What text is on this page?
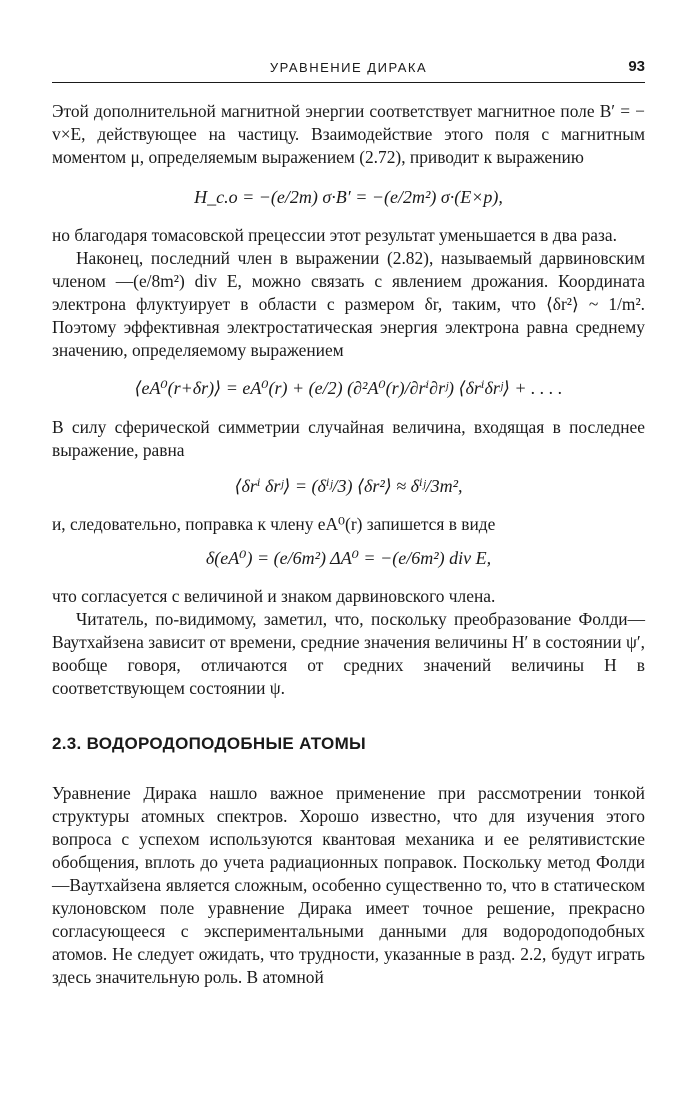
УРАВНЕНИЕ ДИРАКА	93

Этой дополнительной магнитной энергии соответствует магнитное поле B′ = − v×E, действующее на частицу. Взаимодействие этого поля с магнитным моментом μ, определяемым выражением (2.72), приводит к выражению

H_c.o = −(e/2m) σ·B′ = −(e/2m²) σ·(E×p),

но благодаря томасовской прецессии этот результат уменьшается в два раза.

Наконец, последний член в выражении (2.82), называемый дарвиновским членом —(e/8m²) div E, можно связать с явлением дрожания. Координата электрона флуктуирует в области с размером δr, таким, что ⟨δr²⟩ ~ 1/m². Поэтому эффективная электростатическая энергия электрона равна среднему значению, определяемому выражением

⟨eA⁰(r+δr)⟩ = eA⁰(r) + (e/2) (∂²A⁰(r)/∂rⁱ∂rʲ) ⟨δrⁱδrʲ⟩ + . . . .

В силу сферической симметрии случайная величина, входящая в последнее выражение, равна

⟨δrⁱ δrʲ⟩ = (δⁱʲ/3) ⟨δr²⟩ ≈ δⁱʲ/3m²,

и, следовательно, поправка к члену eA⁰(r) запишется в виде

δ(eA⁰) = (e/6m²) ΔA⁰ = −(e/6m²) div E,

что согласуется с величиной и знаком дарвиновского члена.

Читатель, по-видимому, заметил, что, поскольку преобразование Фолди—Ваутхайзена зависит от времени, средние значения величины H′ в состоянии ψ′, вообще говоря, отличаются от средних значений величины H в соответствующем состоянии ψ.

2.3. ВОДОРОДОПОДОБНЫЕ АТОМЫ

Уравнение Дирака нашло важное применение при рассмотрении тонкой структуры атомных спектров. Хорошо известно, что для изучения этого вопроса с успехом используются квантовая механика и ее релятивистские обобщения, вплоть до учета радиационных поправок. Поскольку метод Фолди—Ваутхайзена является сложным, особенно существенно то, что в статическом кулоновском поле уравнение Дирака имеет точное решение, прекрасно согласующееся с экспериментальными данными для водородоподобных атомов. Не следует ожидать, что трудности, указанные в разд. 2.2, будут играть здесь значительную роль. В атомной
